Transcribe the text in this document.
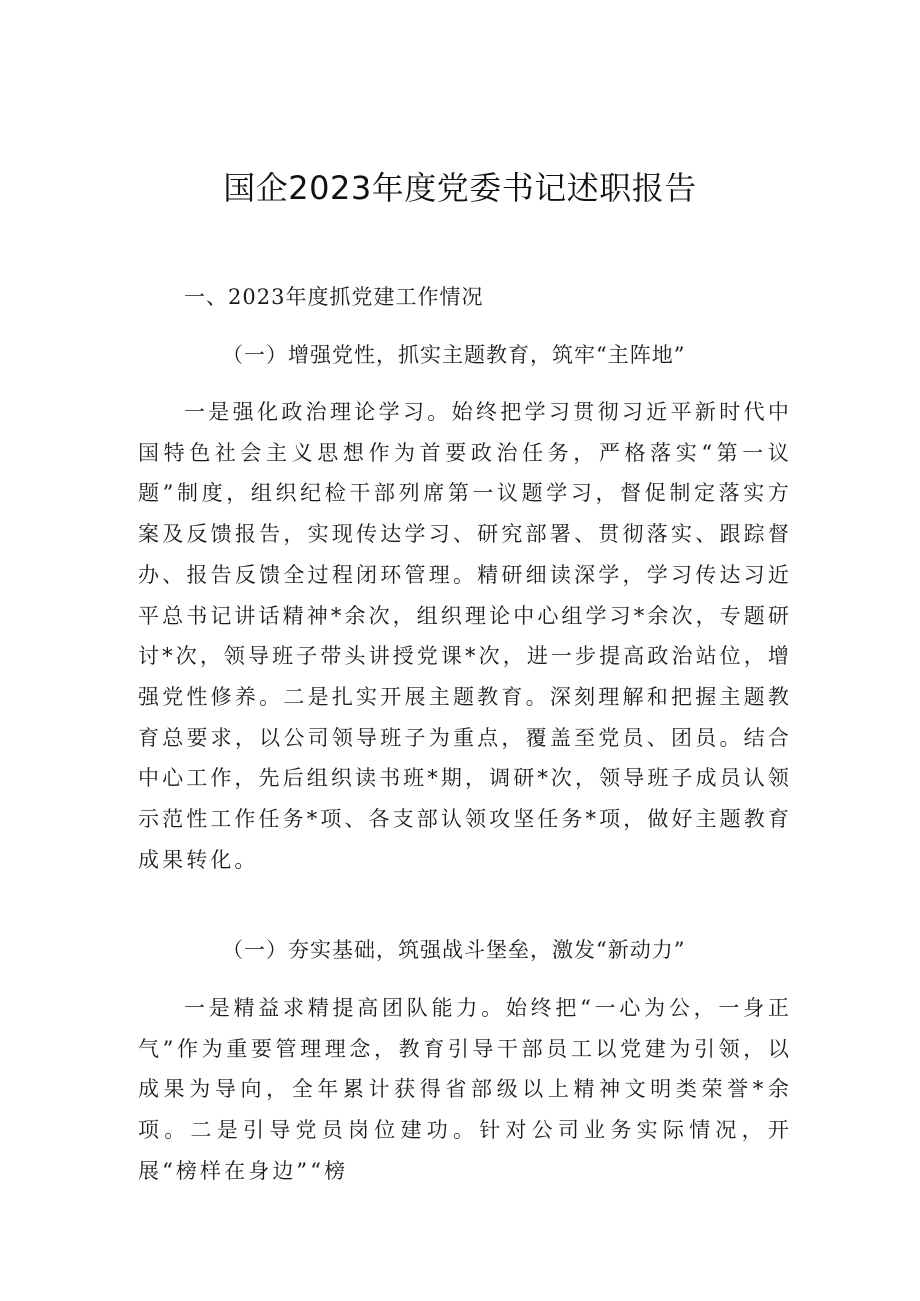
国企2023年度党委书记述职报告

一、2023年度抓党建工作情况

（一）增强党性，抓实主题教育，筑牢“主阵地”

一是强化政治理论学习。始终把学习贯彻习近平新时代中国特色社会主义思想作为首要政治任务，严格落实“第一议题”制度，组织纪检干部列席第一议题学习，督促制定落实方案及反馈报告，实现传达学习、研究部署、贯彻落实、跟踪督办、报告反馈全过程闭环管理。精研细读深学，学习传达习近平总书记讲话精神*余次，组织理论中心组学习*余次，专题研讨*次，领导班子带头讲授党课*次，进一步提高政治站位，增强党性修养。二是扎实开展主题教育。深刻理解和把握主题教育总要求，以公司领导班子为重点，覆盖至党员、团员。结合中心工作，先后组织读书班*期，调研*次，领导班子成员认领示范性工作任务*项、各支部认领攻坚任务*项，做好主题教育成果转化。

（一）夯实基础，筑强战斗堡垒，激发“新动力”

一是精益求精提高团队能力。始终把“一心为公，一身正气”作为重要管理理念，教育引导干部员工以党建为引领，以成果为导向，全年累计获得省部级以上精神文明类荣誉*余项。二是引导党员岗位建功。针对公司业务实际情况，开展“榜样在身边”“榜
